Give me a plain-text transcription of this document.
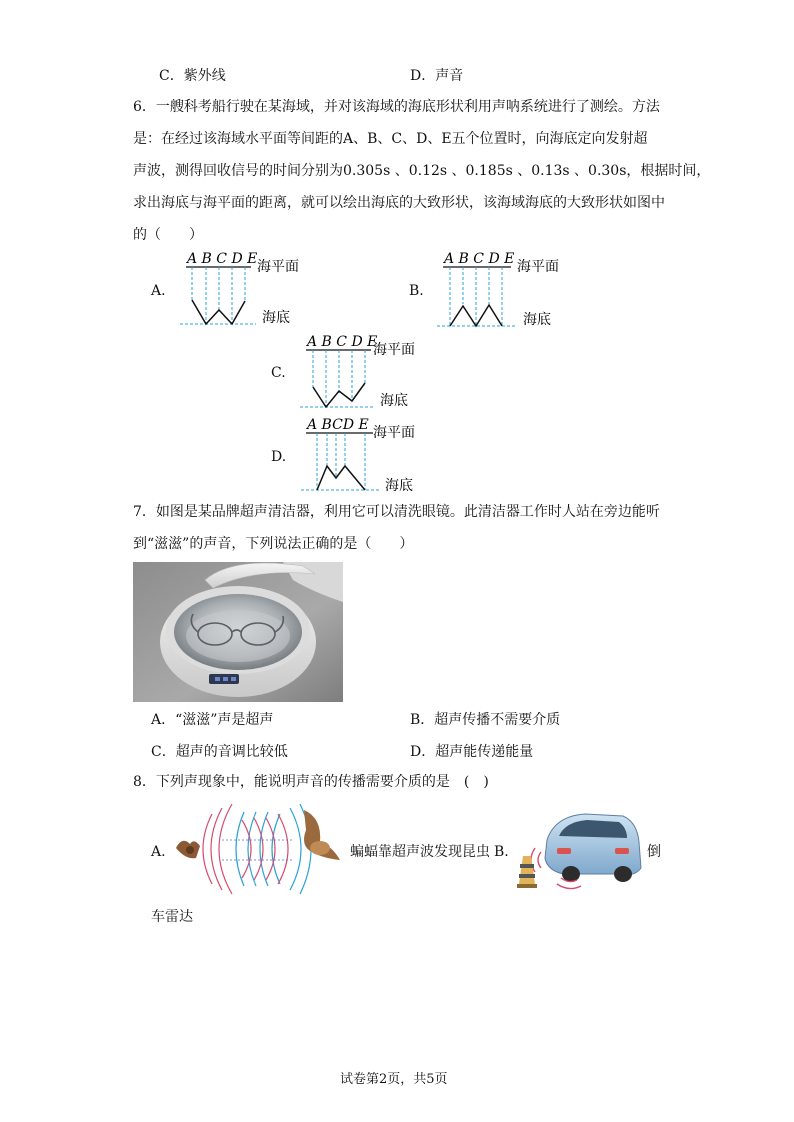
C．紫外线	D．声音
6．一艘科考船行驶在某海域，并对该海域的海底形状利用声呐系统进行了测绘。方法
是：在经过该海域水平面等间距的A、B、C、D、E五个位置时，向海底定向发射超
声波，测得回收信号的时间分别为0.305s 、0.12s 、0.185s 、0.13s 、0.30s，根据时间，
求出海底与海平面的距离，就可以绘出海底的大致形状，该海域海底的大致形状如图中
的（　　）
A.
A B C D E 海平面
海底
B.
A B C D E 海平面
海底
C.
A B C D E
海平面
海底
D.
A BCD E 海平面
海底
7．如图是某品牌超声清洁器，利用它可以清洗眼镜。此清洁器工作时人站在旁边能听
到“滋滋”的声音，下列说法正确的是（　　）
A．“滋滋”声是超声	B．超声传播不需要介质
C．超声的音调比较低	D．超声能传递能量
8．下列声现象中，能说明声音的传播需要介质的是　(　)
A.	蝙蝠靠超声波发现昆虫 B.	倒
车雷达
试卷第2页，共5页
